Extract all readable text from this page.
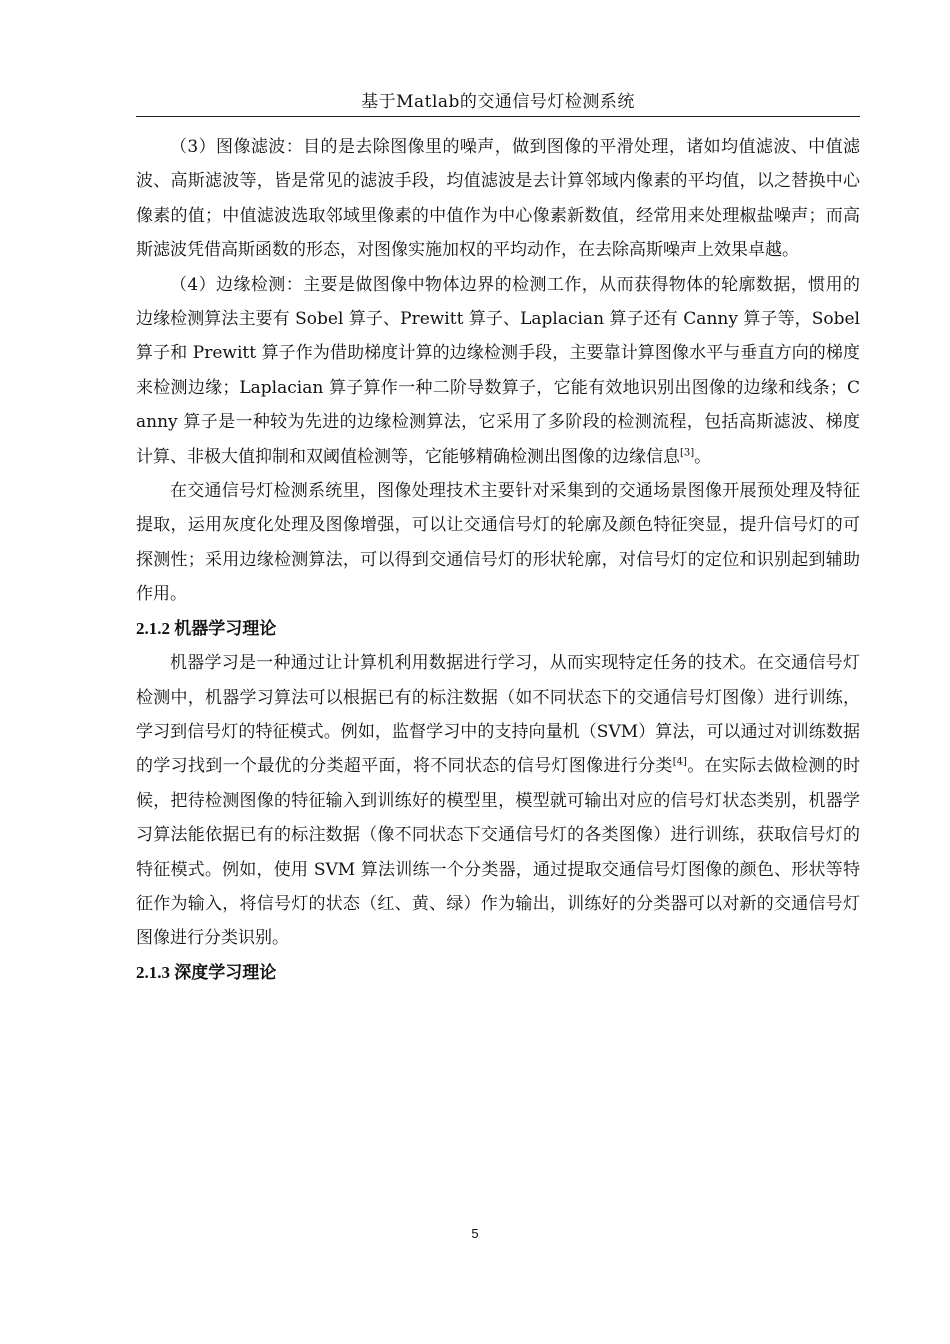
基于Matlab的交通信号灯检测系统

（3）图像滤波：目的是去除图像里的噪声，做到图像的平滑处理，诸如均值滤波、中值滤波、高斯滤波等，皆是常见的滤波手段，均值滤波是去计算邻域内像素的平均值，以之替换中心像素的值；中值滤波选取邻域里像素的中值作为中心像素新数值，经常用来处理椒盐噪声；而高斯滤波凭借高斯函数的形态，对图像实施加权的平均动作，在去除高斯噪声上效果卓越。

（4）边缘检测：主要是做图像中物体边界的检测工作，从而获得物体的轮廓数据，惯用的边缘检测算法主要有 Sobel 算子、Prewitt 算子、Laplacian 算子还有 Canny 算子等，Sobel 算子和 Prewitt 算子作为借助梯度计算的边缘检测手段，主要靠计算图像水平与垂直方向的梯度来检测边缘；Laplacian 算子算作一种二阶导数算子，它能有效地识别出图像的边缘和线条；Canny 算子是一种较为先进的边缘检测算法，它采用了多阶段的检测流程，包括高斯滤波、梯度计算、非极大值抑制和双阈值检测等，它能够精确检测出图像的边缘信息[3]。

在交通信号灯检测系统里，图像处理技术主要针对采集到的交通场景图像开展预处理及特征提取，运用灰度化处理及图像增强，可以让交通信号灯的轮廓及颜色特征突显，提升信号灯的可探测性；采用边缘检测算法，可以得到交通信号灯的形状轮廓，对信号灯的定位和识别起到辅助作用。

2.1.2 机器学习理论

机器学习是一种通过让计算机利用数据进行学习，从而实现特定任务的技术。在交通信号灯检测中，机器学习算法可以根据已有的标注数据（如不同状态下的交通信号灯图像）进行训练，学习到信号灯的特征模式。例如，监督学习中的支持向量机（SVM）算法，可以通过对训练数据的学习找到一个最优的分类超平面，将不同状态的信号灯图像进行分类[4]。在实际去做检测的时候，把待检测图像的特征输入到训练好的模型里，模型就可输出对应的信号灯状态类别，机器学习算法能依据已有的标注数据（像不同状态下交通信号灯的各类图像）进行训练，获取信号灯的特征模式。例如，使用 SVM 算法训练一个分类器，通过提取交通信号灯图像的颜色、形状等特征作为输入，将信号灯的状态（红、黄、绿）作为输出，训练好的分类器可以对新的交通信号灯图像进行分类识别。

2.1.3 深度学习理论

5
